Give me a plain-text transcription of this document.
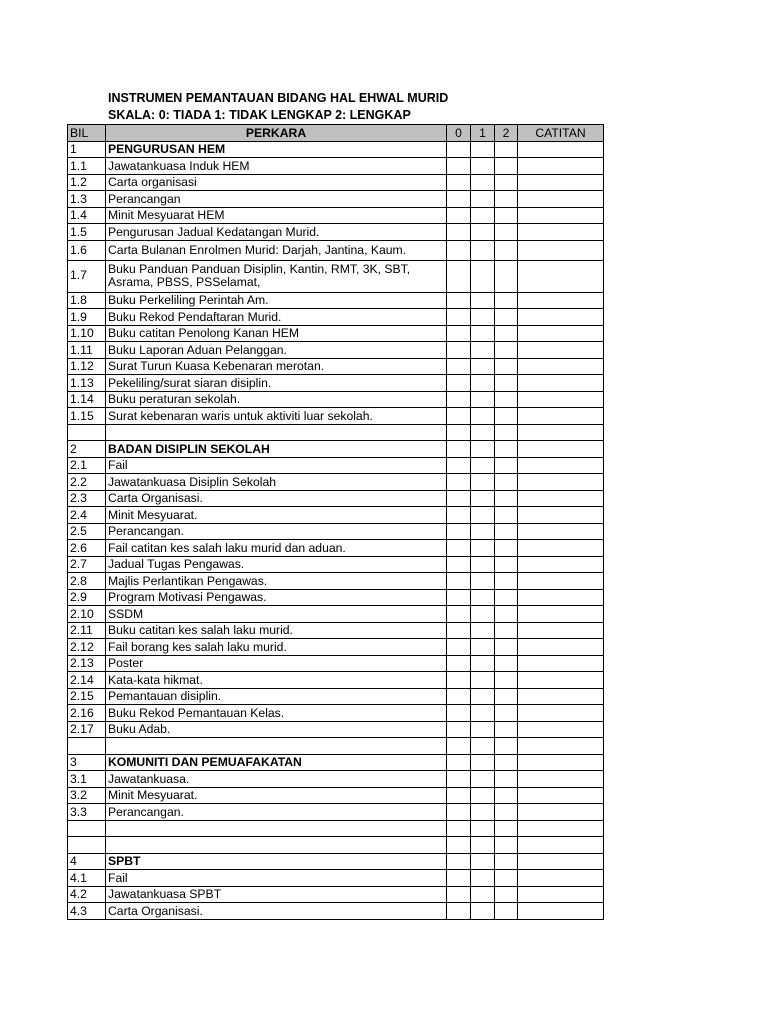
INSTRUMEN PEMANTAUAN BIDANG HAL EHWAL MURID
SKALA: 0: TIADA 1: TIDAK LENGKAP 2: LENGKAP
BIL	PERKARA	0	1	2	CATITAN
1	PENGURUSAN HEM				
1.1	Jawatankuasa Induk HEM				
1.2	Carta organisasi				
1.3	Perancangan				
1.4	Minit Mesyuarat HEM				
1.5	Pengurusan Jadual Kedatangan Murid.				
1.6	Carta Bulanan Enrolmen Murid: Darjah, Jantina, Kaum.				
1.7	Buku Panduan Panduan Disiplin, Kantin, RMT, 3K, SBT, Asrama, PBSS, PSSelamat,				
1.8	Buku Perkeliling Perintah Am.				
1.9	Buku Rekod Pendaftaran Murid.				
1.10	Buku catitan Penolong Kanan HEM				
1.11	Buku Laporan Aduan Pelanggan.				
1.12	Surat Turun Kuasa Kebenaran merotan.				
1.13	Pekeliling/surat siaran disiplin.				
1.14	Buku peraturan sekolah.				
1.15	Surat kebenaran waris untuk aktiviti luar sekolah.				

2	BADAN DISIPLIN SEKOLAH				
2.1	Fail				
2.2	Jawatankuasa Disiplin Sekolah				
2.3	Carta Organisasi.				
2.4	Minit Mesyuarat.				
2.5	Perancangan.				
2.6	Fail catitan kes salah laku murid dan aduan.				
2.7	Jadual Tugas Pengawas.				
2.8	Majlis Perlantikan Pengawas.				
2.9	Program Motivasi Pengawas.				
2.10	SSDM				
2.11	Buku catitan kes salah laku murid.				
2.12	Fail borang kes salah laku murid.				
2.13	Poster				
2.14	Kata-kata hikmat.				
2.15	Pemantauan disiplin.				
2.16	Buku Rekod Pemantauan Kelas.				
2.17	Buku Adab.				

3	KOMUNITI DAN PEMUAFAKATAN				
3.1	Jawatankuasa.				
3.2	Minit Mesyuarat.				
3.3	Perancangan.				

4	SPBT				
4.1	Fail				
4.2	Jawatankuasa SPBT				
4.3	Carta Organisasi.				
